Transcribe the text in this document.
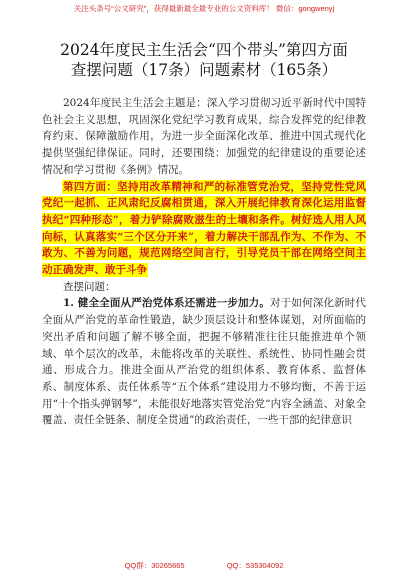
关注头条号“公文研究”，获得最新最全最专业的公文资料库！ 微信：gongwenyj
2024年度民主生活会“四个带头”第四方面
查摆问题（17条）问题素材（165条）

2024年度民主生活会主题是：深入学习贯彻习近平新时代中国特色社会主义思想，巩固深化党纪学习教育成果，综合发挥党的纪律教育约束、保障激励作用，为进一步全面深化改革、推进中国式现代化提供坚强纪律保证。同时，还要围绕：加强党的纪律建设的重要论述情况和学习贯彻《条例》情况。

第四方面：坚持用改革精神和严的标准管党治党，坚持党性党风党纪一起抓、正风肃纪反腐相贯通，深入开展纪律教育深化运用监督执纪“四种形态”，着力铲除腐败滋生的土壤和条件。树好选人用人风向标，认真落实“三个区分开来”，着力解决干部乱作为、不作为、不敢为、不善为问题，规范网络空间言行，引导党员干部在网络空间主动正确发声、敢于斗争

查摆问题：

1. 健全全面从严治党体系还需进一步加力。对于如何深化新时代全面从严治党的革命性锻造，缺少顶层设计和整体谋划，对所面临的突出矛盾和问题了解不够全面，把握不够精准往往只能推进单个领域、单个层次的改革，未能将改革的关联性、系统性、协同性融会贯通、形成合力。推进全面从严治党的组织体系、教育体系、监督体系、制度体系、责任体系等“五个体系”建设用力不够均衡，不善于运用“十个指头弹钢琴”，未能很好地落实管党治党“内容全涵盖、对象全覆盖、责任全链条、制度全贯通”的政治责任，一些干部的纪律意识

QQ群：30265665	QQ：535304092
